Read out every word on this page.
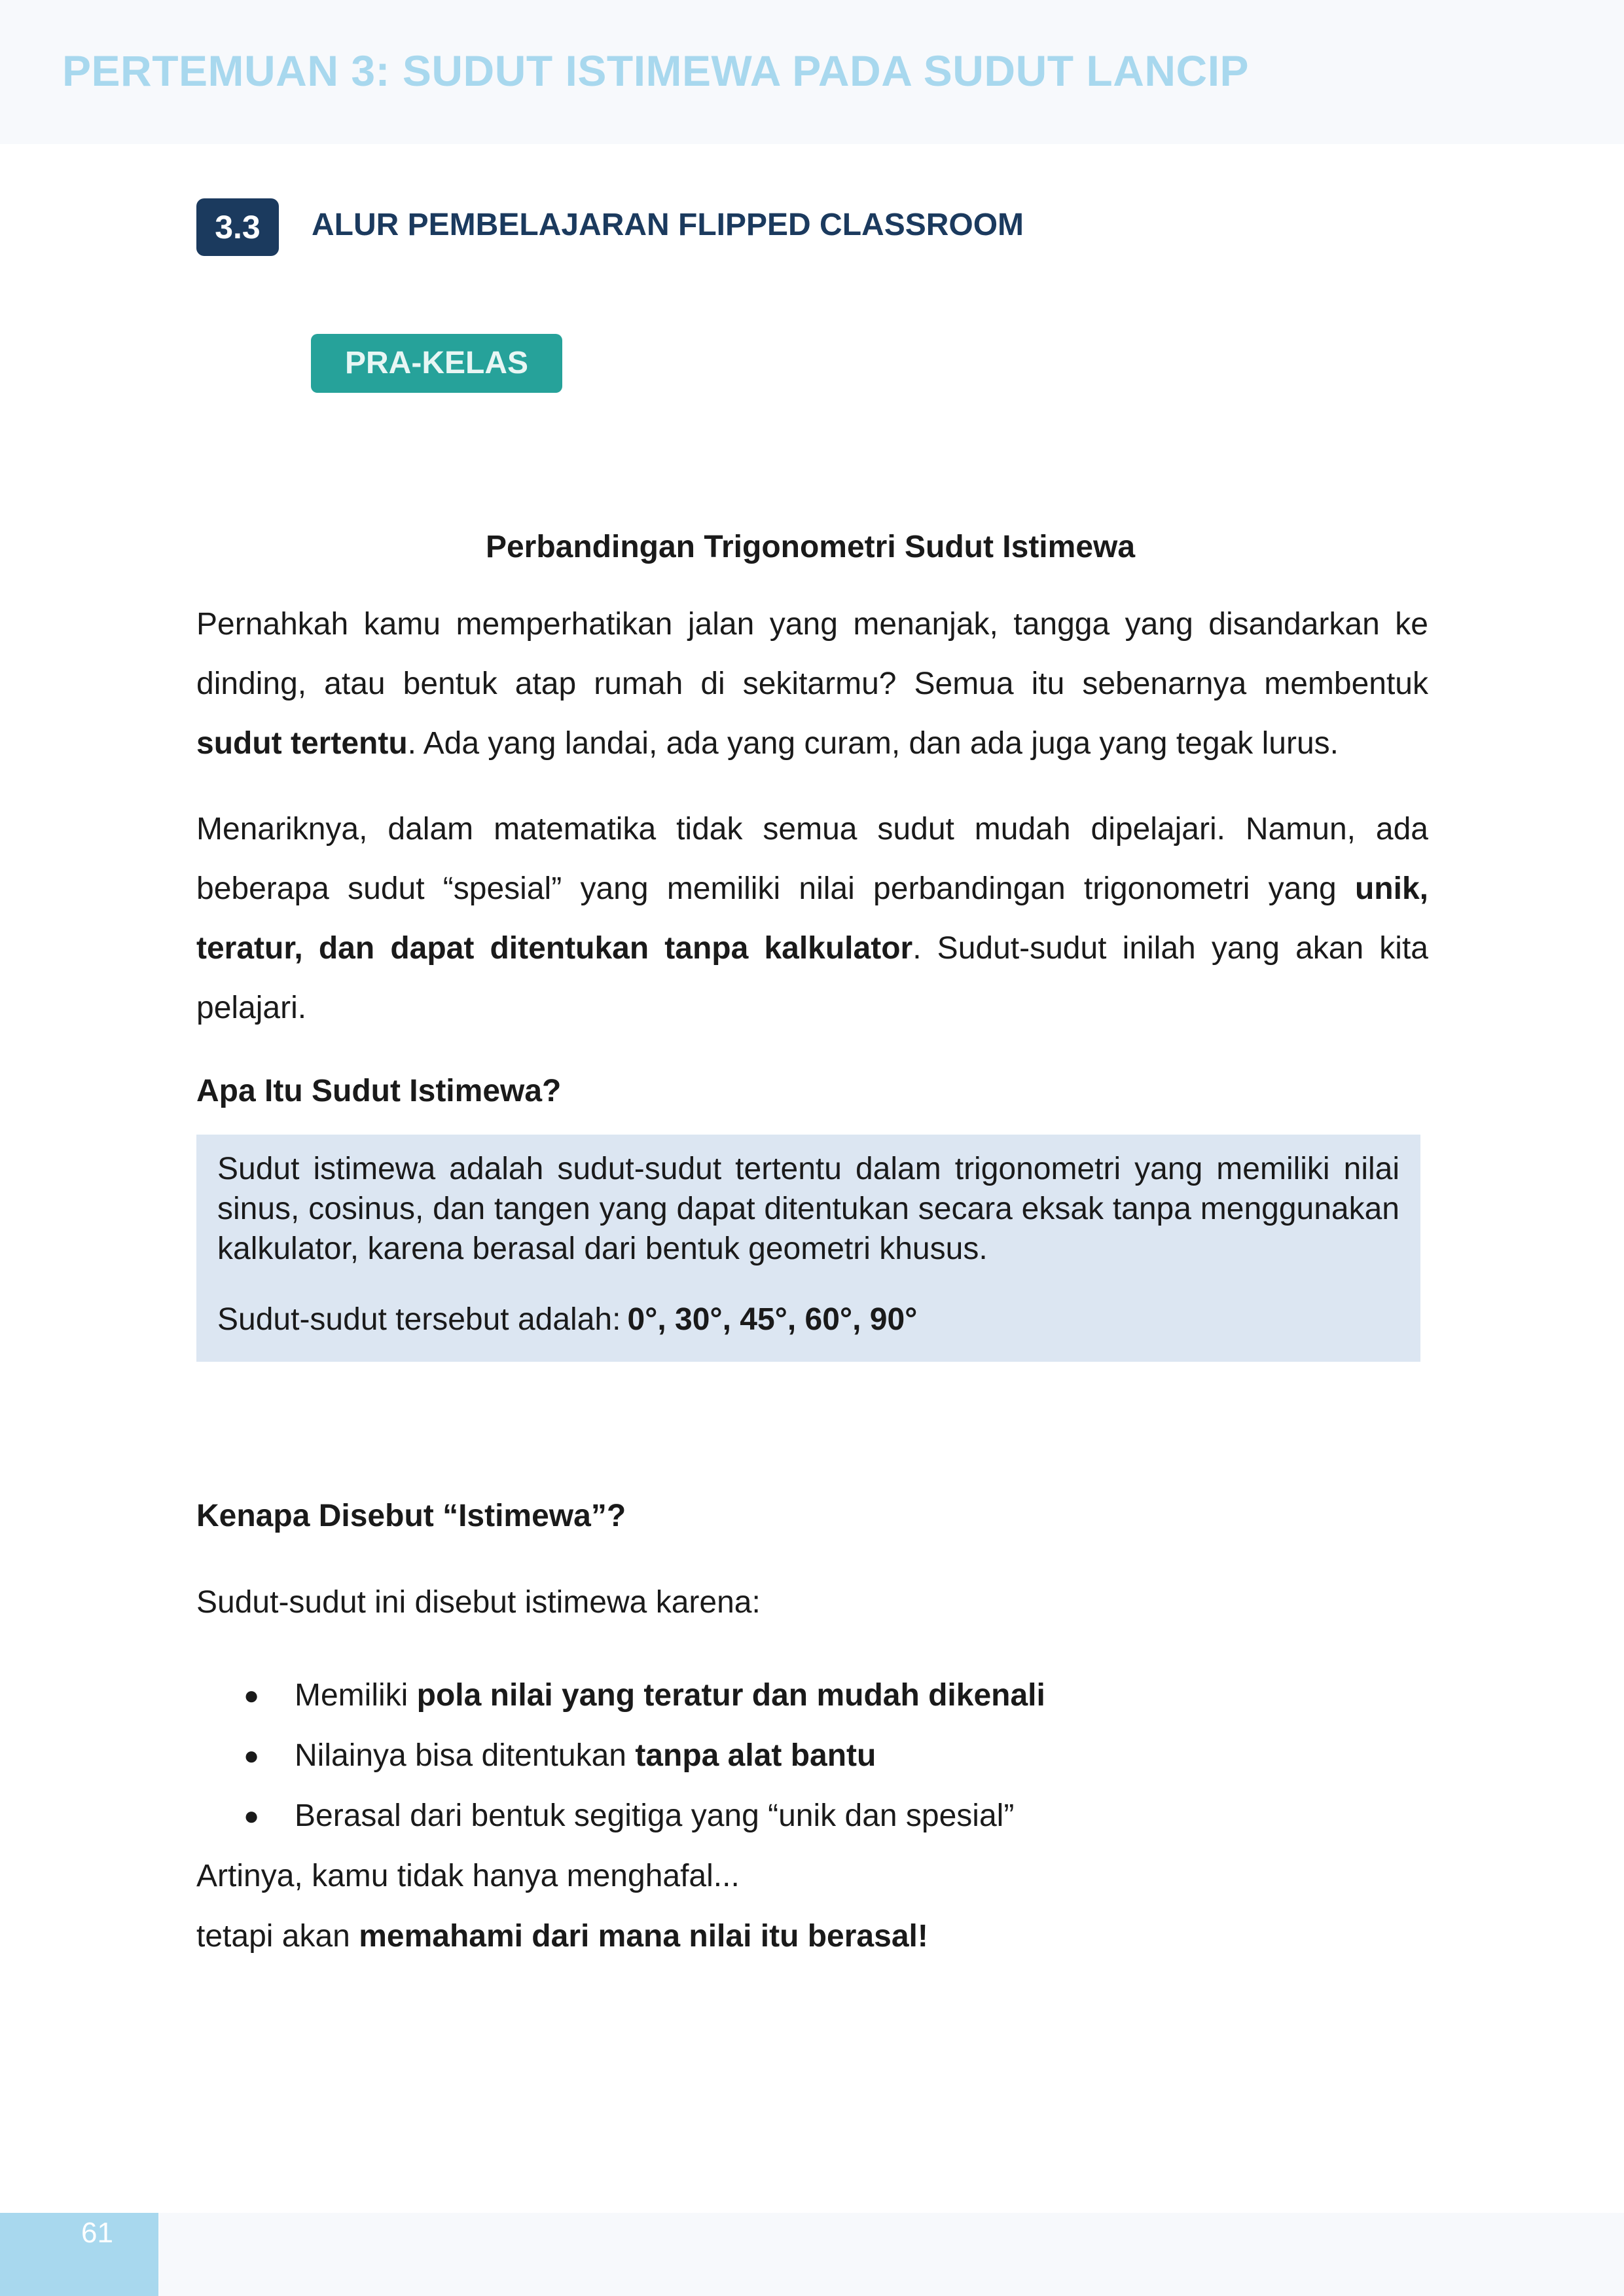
PERTEMUAN 3: SUDUT ISTIMEWA PADA SUDUT LANCIP
3.3	ALUR PEMBELAJARAN FLIPPED CLASSROOM
PRA-KELAS
Perbandingan Trigonometri Sudut Istimewa

Pernahkah kamu memperhatikan jalan yang menanjak, tangga yang disandarkan ke dinding, atau bentuk atap rumah di sekitarmu? Semua itu sebenarnya membentuk sudut tertentu. Ada yang landai, ada yang curam, dan ada juga yang tegak lurus.

Menariknya, dalam matematika tidak semua sudut mudah dipelajari. Namun, ada beberapa sudut “spesial” yang memiliki nilai perbandingan trigonometri yang unik, teratur, dan dapat ditentukan tanpa kalkulator. Sudut-sudut inilah yang akan kita pelajari.

Apa Itu Sudut Istimewa?
Sudut istimewa adalah sudut-sudut tertentu dalam trigonometri yang memiliki nilai sinus, cosinus, dan tangen yang dapat ditentukan secara eksak tanpa menggunakan kalkulator, karena berasal dari bentuk geometri khusus.
Sudut-sudut tersebut adalah: 0°, 30°, 45°, 60°, 90°
Kenapa Disebut “Istimewa”?
Sudut-sudut ini disebut istimewa karena:
● Memiliki pola nilai yang teratur dan mudah dikenali
● Nilainya bisa ditentukan tanpa alat bantu
● Berasal dari bentuk segitiga yang “unik dan spesial”
Artinya, kamu tidak hanya menghafal...
tetapi akan memahami dari mana nilai itu berasal!
61
